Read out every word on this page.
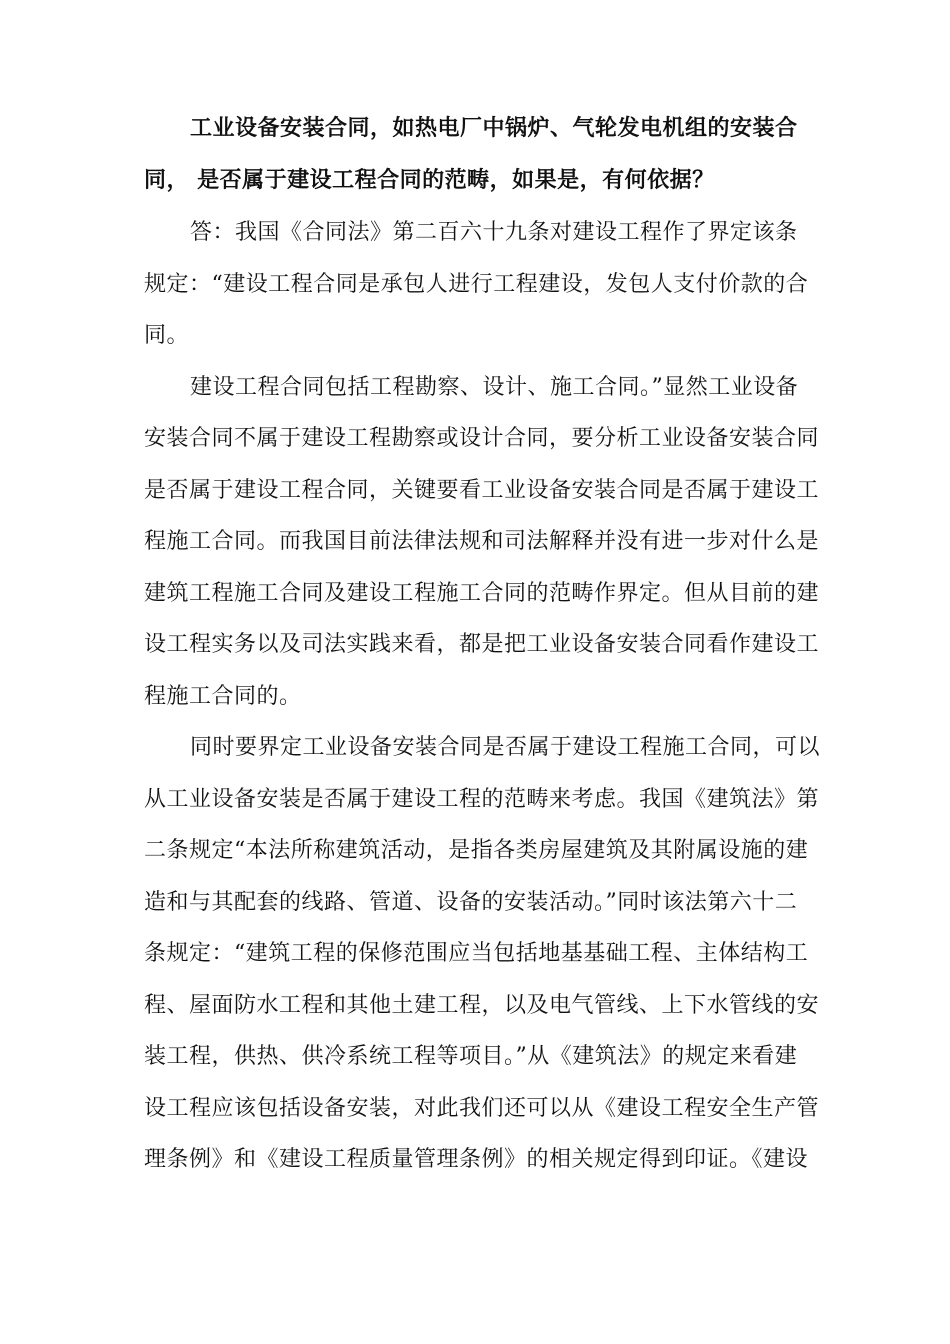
工业设备安装合同，如热电厂中锅炉、气轮发电机组的安装合
同， 是否属于建设工程合同的范畴，如果是，有何依据？
答：我国《合同法》第二百六十九条对建设工程作了界定该条
规定：“建设工程合同是承包人进行工程建设，发包人支付价款的合
同。
建设工程合同包括工程勘察、设计、施工合同。”显然工业设备
安装合同不属于建设工程勘察或设计合同，要分析工业设备安装合同
是否属于建设工程合同，关键要看工业设备安装合同是否属于建设工
程施工合同。而我国目前法律法规和司法解释并没有进一步对什么是
建筑工程施工合同及建设工程施工合同的范畴作界定。但从目前的建
设工程实务以及司法实践来看，都是把工业设备安装合同看作建设工
程施工合同的。
同时要界定工业设备安装合同是否属于建设工程施工合同，可以
从工业设备安装是否属于建设工程的范畴来考虑。我国《建筑法》第
二条规定“本法所称建筑活动，是指各类房屋建筑及其附属设施的建
造和与其配套的线路、管道、设备的安装活动。”同时该法第六十二
条规定：“建筑工程的保修范围应当包括地基基础工程、主体结构工
程、屋面防水工程和其他土建工程，以及电气管线、上下水管线的安
装工程，供热、供冷系统工程等项目。”从《建筑法》的规定来看建
设工程应该包括设备安装，对此我们还可以从《建设工程安全生产管
理条例》和《建设工程质量管理条例》的相关规定得到印证。《建设
